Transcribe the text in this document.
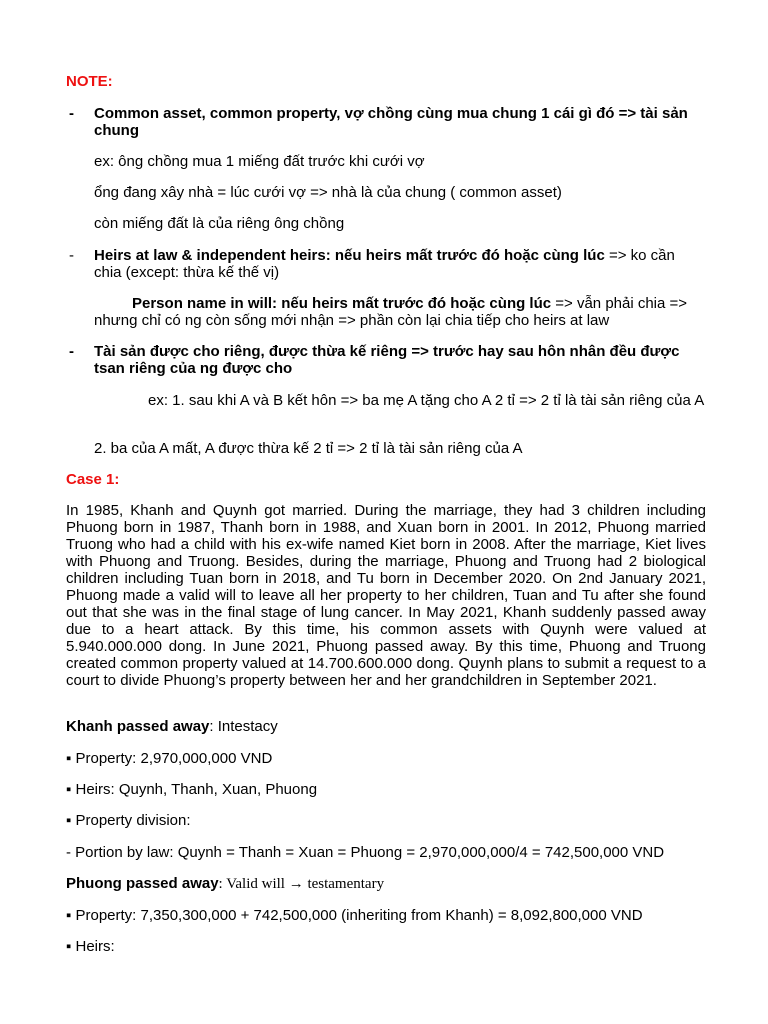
NOTE:
- Common asset, common property, vợ chồng cùng mua chung 1 cái gì đó => tài sản chung
ex: ông chồng mua 1 miếng đất trước khi cưới vợ
ổng đang xây nhà = lúc cưới vợ => nhà là của chung ( common asset)
còn miếng đất là của riêng ông chồng
- Heirs at law & independent heirs: nếu heirs mất trước đó hoặc cùng lúc => ko cần chia (except: thừa kế thế vị)
Person name in will: nếu heirs mất trước đó hoặc cùng lúc => vẫn phải chia => nhưng chỉ có ng còn sống mới nhận => phần còn lại chia tiếp cho heirs at law
- Tài sản được cho riêng, được thừa kế riêng => trước hay sau hôn nhân đều được tsan riêng của ng được cho
ex: 1. sau khi A và B kết hôn => ba mẹ A tặng cho A 2 tỉ => 2 tỉ là tài sản riêng của A
2. ba của A mất, A được thừa kế 2 tỉ => 2 tỉ là tài sản riêng của A
Case 1:
In 1985, Khanh and Quynh got married. During the marriage, they had 3 children including Phuong born in 1987, Thanh born in 1988, and Xuan born in 2001. In 2012, Phuong married Truong who had a child with his ex-wife named Kiet born in 2008. After the marriage, Kiet lives with Phuong and Truong. Besides, during the marriage, Phuong and Truong had 2 biological children including Tuan born in 2018, and Tu born in December 2020. On 2nd January 2021, Phuong made a valid will to leave all her property to her children, Tuan and Tu after she found out that she was in the final stage of lung cancer. In May 2021, Khanh suddenly passed away due to a heart attack. By this time, his common assets with Quynh were valued at 5.940.000.000 dong. In June 2021, Phuong passed away. By this time, Phuong and Truong created common property valued at 14.700.600.000 dong. Quynh plans to submit a request to a court to divide Phuong’s property between her and her grandchildren in September 2021.
Khanh passed away: Intestacy
▪ Property: 2,970,000,000 VND
▪ Heirs: Quynh, Thanh, Xuan, Phuong
▪ Property division:
- Portion by law: Quynh = Thanh = Xuan = Phuong = 2,970,000,000/4 = 742,500,000 VND
Phuong passed away: Valid will → testamentary
▪ Property: 7,350,300,000 + 742,500,000 (inheriting from Khanh) = 8,092,800,000 VND
▪ Heirs:
